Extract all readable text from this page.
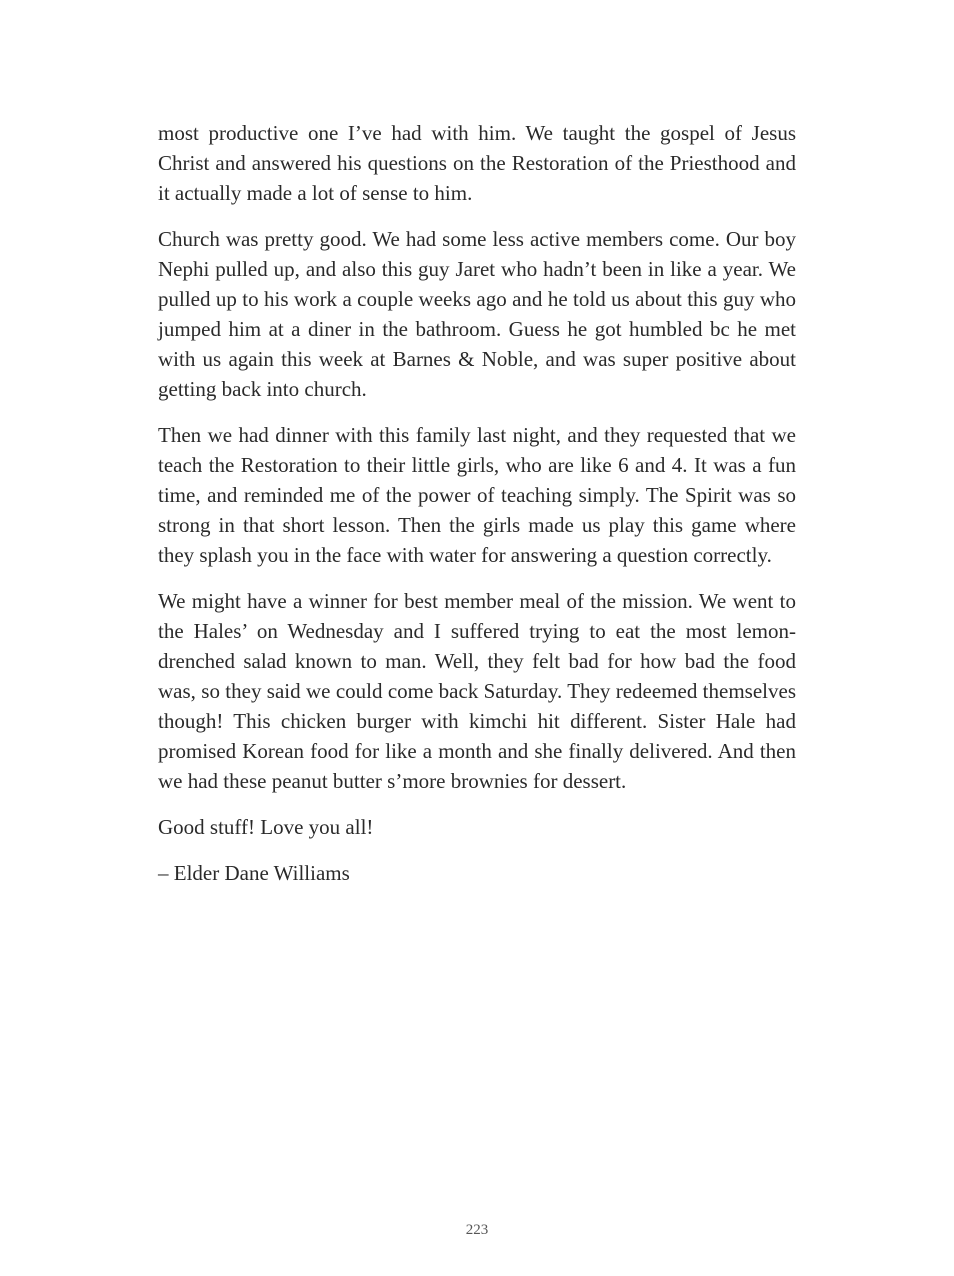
most productive one I’ve had with him. We taught the gospel of Jesus Christ and answered his questions on the Restoration of the Priesthood and it actually made a lot of sense to him.

Church was pretty good. We had some less active members come. Our boy Nephi pulled up, and also this guy Jaret who hadn’t been in like a year. We pulled up to his work a couple weeks ago and he told us about this guy who jumped him at a diner in the bathroom. Guess he got humbled bc he met with us again this week at Barnes & Noble, and was super positive about getting back into church.

Then we had dinner with this family last night, and they requested that we teach the Restoration to their little girls, who are like 6 and 4. It was a fun time, and reminded me of the power of teaching simply. The Spirit was so strong in that short lesson. Then the girls made us play this game where they splash you in the face with water for answering a question correctly.

We might have a winner for best member meal of the mission. We went to the Hales’ on Wednesday and I suffered trying to eat the most lemon-drenched salad known to man. Well, they felt bad for how bad the food was, so they said we could come back Saturday. They redeemed themselves though! This chicken burger with kimchi hit different. Sister Hale had promised Korean food for like a month and she finally delivered. And then we had these peanut butter s’more brownies for dessert.

Good stuff! Love you all!

– Elder Dane Williams

223
